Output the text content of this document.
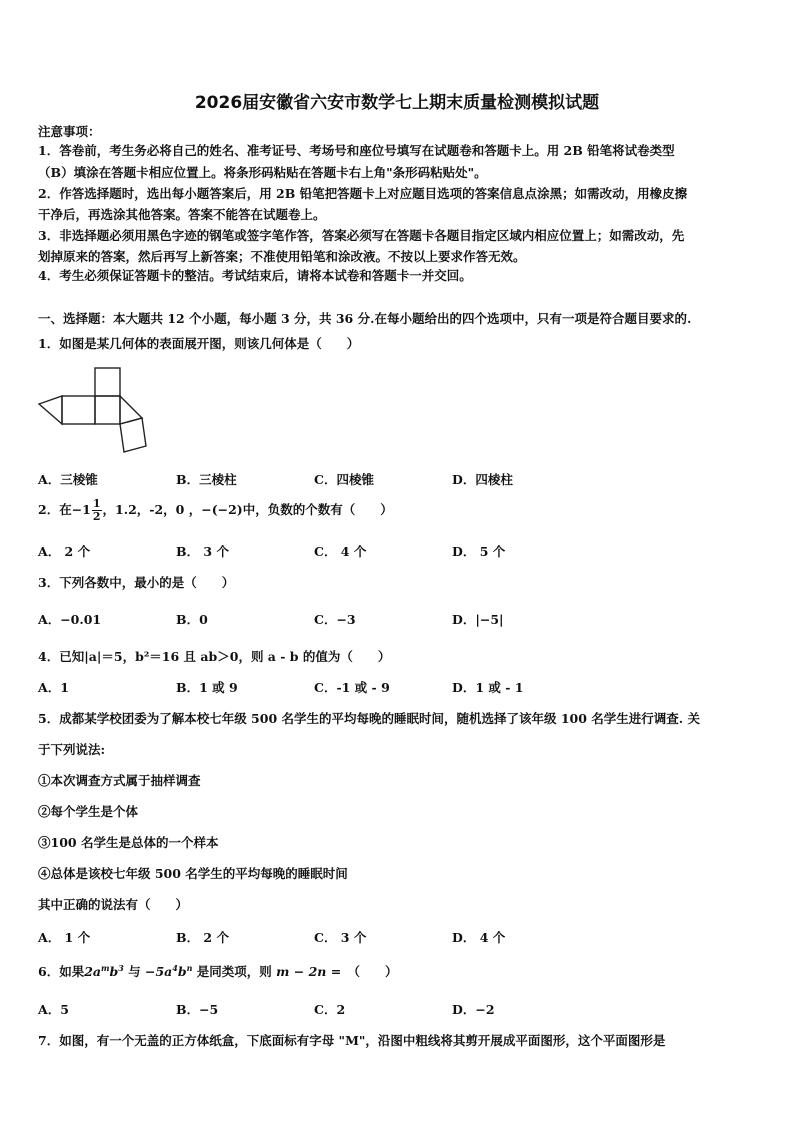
2026届安徽省六安市数学七上期末质量检测模拟试题
注意事项：
1．答卷前，考生务必将自己的姓名、准考证号、考场号和座位号填写在试题卷和答题卡上。用 2B 铅笔将试卷类型
（B）填涂在答题卡相应位置上。将条形码粘贴在答题卡右上角"条形码粘贴处"。
2．作答选择题时，选出每小题答案后，用 2B 铅笔把答题卡上对应题目选项的答案信息点涂黑；如需改动，用橡皮擦
干净后，再选涂其他答案。答案不能答在试题卷上。
3．非选择题必须用黑色字迹的钢笔或签字笔作答，答案必须写在答题卡各题目指定区域内相应位置上；如需改动，先
划掉原来的答案，然后再写上新答案；不准使用铅笔和涂改液。不按以上要求作答无效。
4．考生必须保证答题卡的整洁。考试结束后，请将本试卷和答题卡一并交回。
一、选择题：本大题共 12 个小题，每小题 3 分，共 36 分.在每小题给出的四个选项中，只有一项是符合题目要求的.
1．如图是某几何体的表面展开图，则该几何体是（　　）
A．三棱锥	B．三棱柱	C．四棱锥	D．四棱柱
2．在$-1 \frac{1}{2}$ ，1.2，-2，0 ，−(−2)中，负数的个数有（　　）
A． 2 个	B． 3 个	C． 4 个	D． 5 个
3．下列各数中，最小的是（　　）
A．−0.01	B．0	C．−3	D．|−5|
4．已知|a|＝5，b²＝16 且 ab＞0，则 a - b 的值为（　　）
A．1	B．1 或 9	C．-1 或 - 9	D．1 或 - 1
5．成都某学校团委为了解本校七年级 500 名学生的平均每晚的睡眠时间，随机选择了该年级 100 名学生进行调查. 关
于下列说法:
①本次调查方式属于抽样调查
②每个学生是个体
③100 名学生是总体的一个样本
④总体是该校七年级 500 名学生的平均每晚的睡眠时间
其中正确的说法有（　　）
A． 1 个	B． 2 个	C． 3 个	D． 4 个
6．如果$2a^mb^3$ 与 $-5a^4b^n$ 是同类项，则 m − 2n =　（　　）
A．5	B．−5	C．2	D．−2
7．如图，有一个无盖的正方体纸盒，下底面标有字母 "M"，沿图中粗线将其剪开展成平面图形，这个平面图形是
